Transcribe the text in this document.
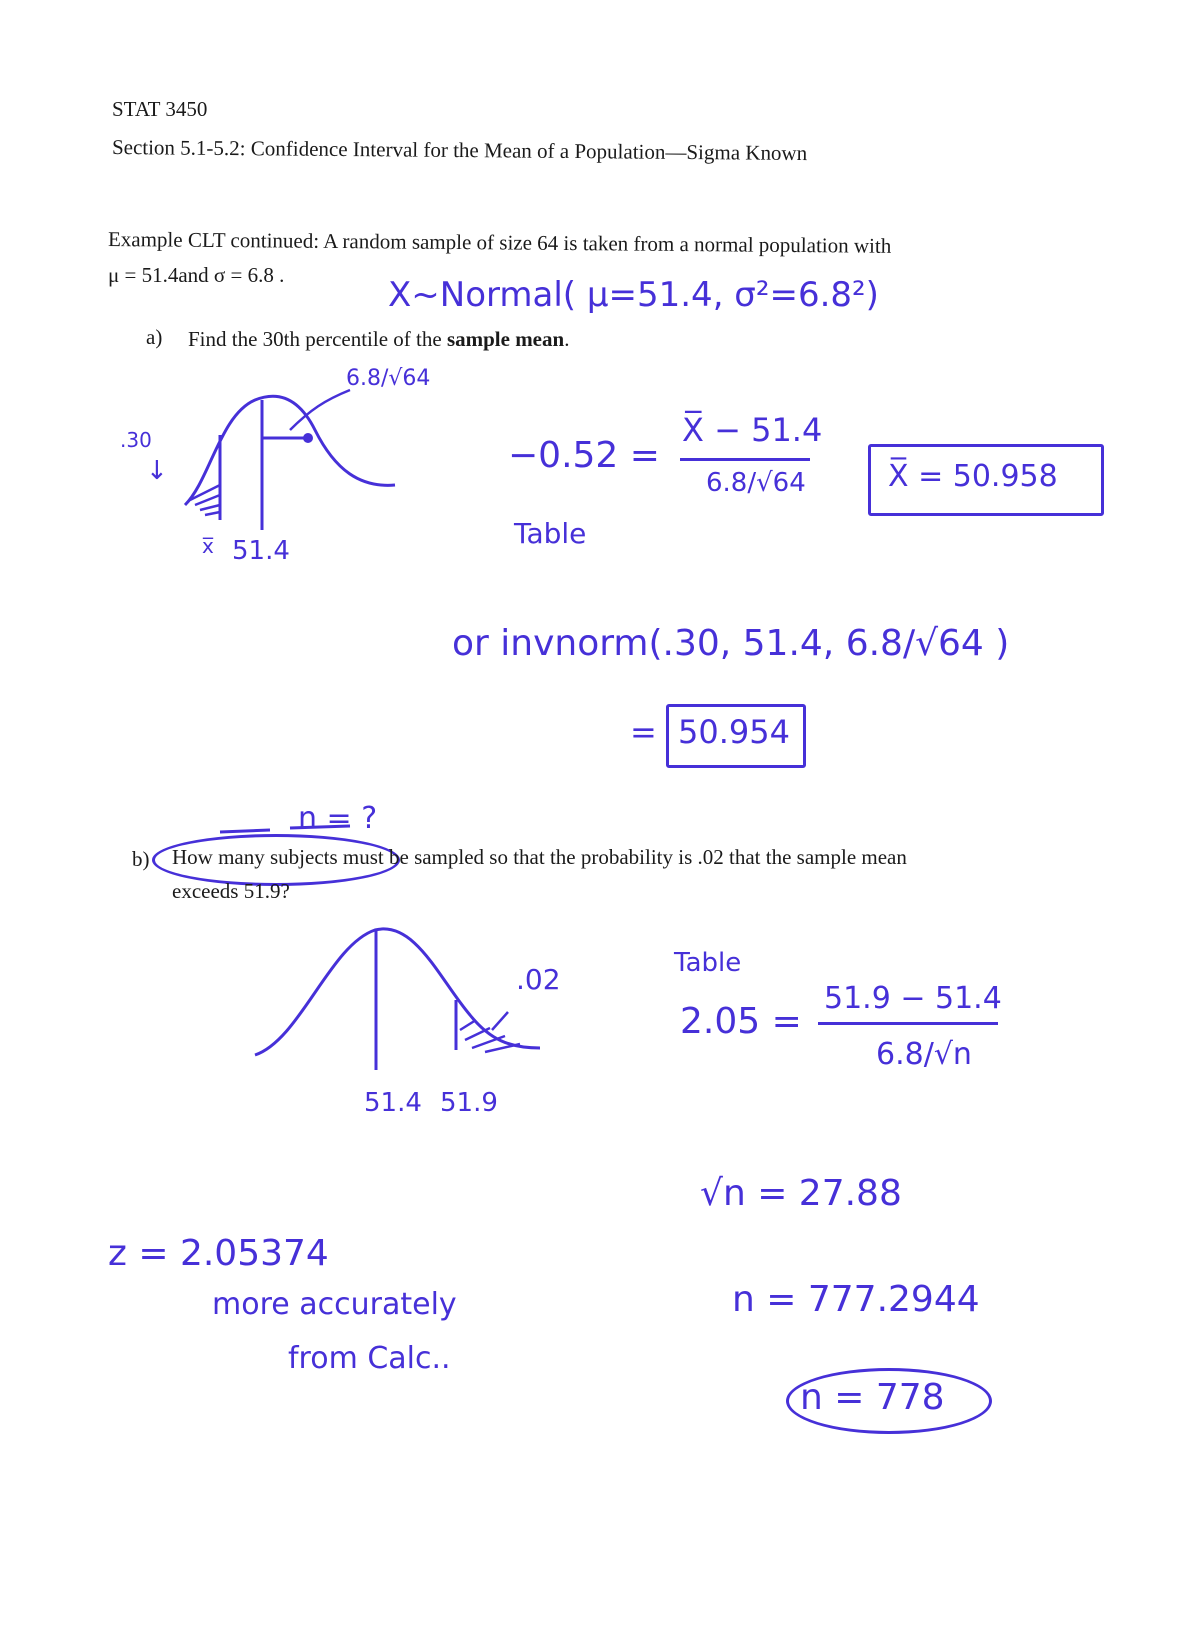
STAT 3450
Section 5.1-5.2: Confidence Interval for the Mean of a Population—Sigma Known
Example CLT continued: A random sample of size 64 is taken from a normal population with
μ = 51.4and σ = 6.8 .	X~Normal( μ=51.4, σ²=6.8²)
a) Find the 30th percentile of the sample mean.
6.8/√64
.30
↓
x̅ 51.4
−0.52 =
X̅ − 51.4
6.8/√64
Table
X̅ = 50.958
or invnorm(.30, 51.4, 6.8/√64 )
= 50.954
n = ?
b) How many subjects must be sampled so that the probability is .02 that the sample mean
exceeds 51.9?
.02
51.4 51.9
Table
2.05 =
51.9 − 51.4
6.8/√n
√n = 27.88
n = 777.2944
n = 778
z = 2.05374
more accurately
from Calc..
